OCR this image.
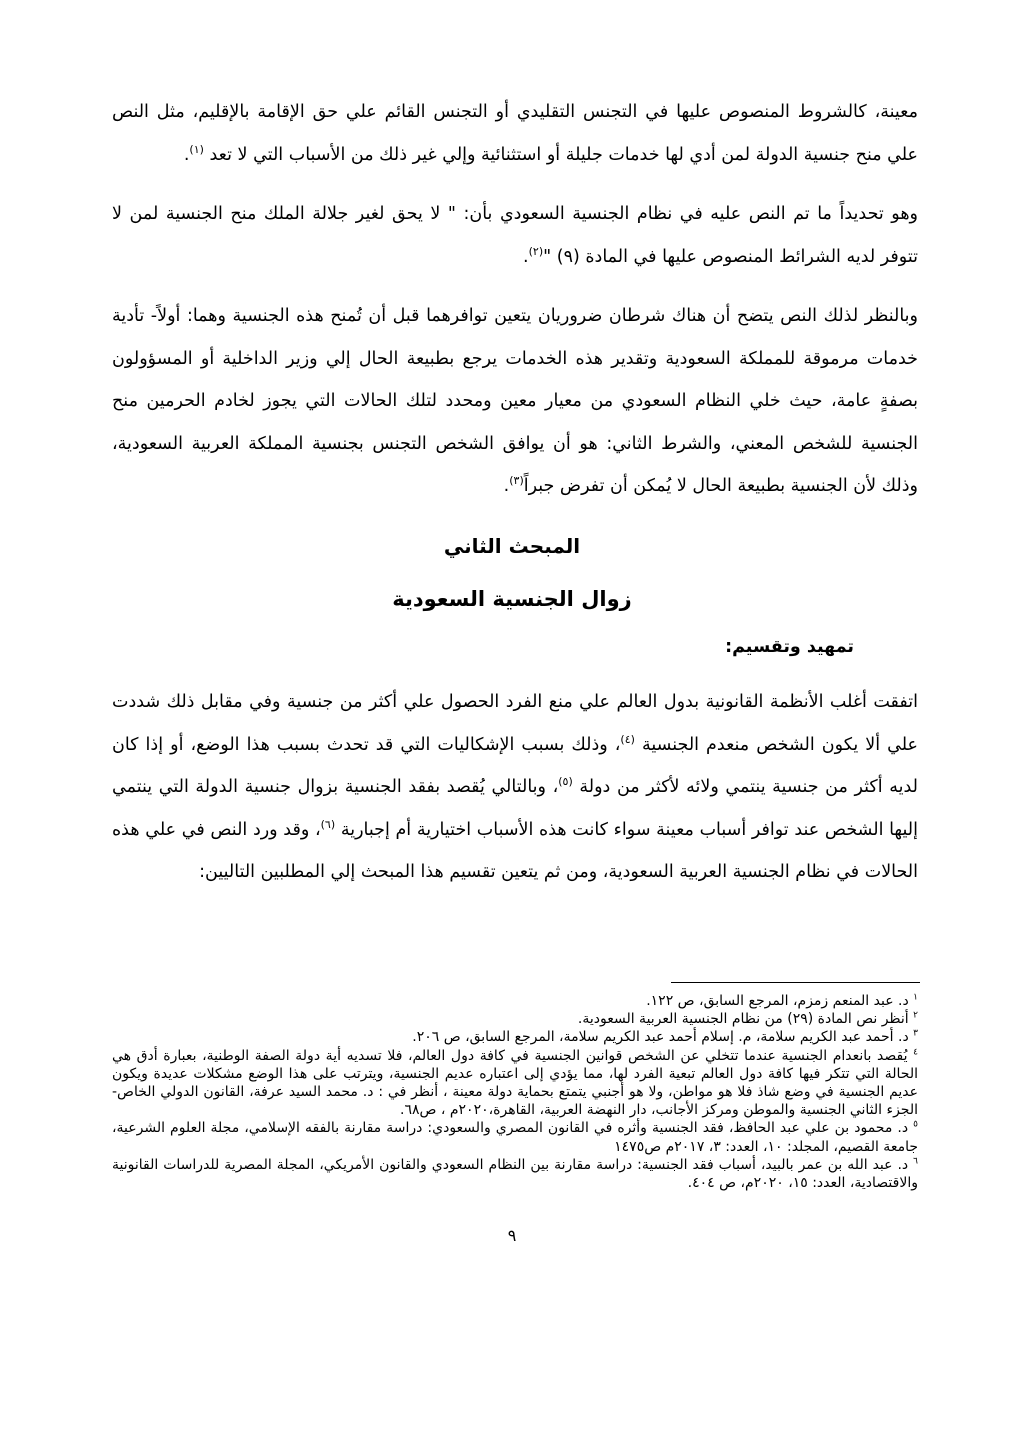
معينة، كالشروط المنصوص عليها في التجنس التقليدي أو التجنس القائم علي حق الإقامة بالإقليم، مثل النص علي منح جنسية الدولة لمن أدي لها خدمات جليلة أو استثنائية وإلي غير ذلك من الأسباب التي لا تعد $^{(١)}$.

وهو تحديداً ما تم النص عليه في نظام الجنسية السعودي بأن: " لا يحق لغير جلالة الملك منح الجنسية لمن لا تتوفر لديه الشرائط المنصوص عليها في المادة (٩) "$^{(٢)}$.

وبالنظر لذلك النص يتضح أن هناك شرطان ضروريان يتعين توافرهما قبل أن تُمنح هذه الجنسية وهما: أولاً- تأدية خدمات مرموقة للمملكة السعودية وتقدير هذه الخدمات يرجع بطبيعة الحال إلي وزير الداخلية أو المسؤولون بصفةٍ عامة، حيث خلي النظام السعودي من معيار معين ومحدد لتلك الحالات التي يجوز لخادم الحرمين منح الجنسية للشخص المعني، والشرط الثاني: هو أن يوافق الشخص التجنس بجنسية المملكة العربية السعودية، وذلك لأن الجنسية بطبيعة الحال لا يُمكن أن تفرض جبراً$^{(٣)}$.

المبحث الثاني
زوال الجنسية السعودية
تمهيد وتقسيم:

اتفقت أغلب الأنظمة القانونية بدول العالم علي منع الفرد الحصول علي أكثر من جنسية وفي مقابل ذلك شددت علي ألا يكون الشخص منعدم الجنسية $^{(٤)}$، وذلك بسبب الإشكاليات التي قد تحدث بسبب هذا الوضع، أو إذا كان لديه أكثر من جنسية ينتمي ولائه لأكثر من دولة $^{(٥)}$، وبالتالي يُقصد بفقد الجنسية بزوال جنسية الدولة التي ينتمي إليها الشخص عند توافر أسباب معينة سواء كانت هذه الأسباب اختيارية أم إجبارية $^{(٦)}$، وقد ورد النص في علي هذه الحالات في نظام الجنسية العربية السعودية، ومن ثم يتعين تقسيم هذا المبحث إلي المطلبين التاليين:

$^١$ د. عبد المنعم زمزم، المرجع السابق، ص ١٢٢.

$^٢$ أنظر نص المادة (٢٩) من نظام الجنسية العربية السعودية.

$^٣$ د. أحمد عبد الكريم سلامة، م. إسلام أحمد عبد الكريم سلامة، المرجع السابق، ص ٢٠٦.

$^٤$ يُقصد بانعدام الجنسية عندما تتخلي عن الشخص قوانين الجنسية في كافة دول العالم، فلا تسديه أية دولة الصفة الوطنية، بعبارة أدق هي الحالة التي تتكر فيها كافة دول العالم تبعية الفرد لها، مما يؤدي إلى اعتباره عديم الجنسية، ويترتب على هذا الوضع مشكلات عديدة ويكون عديم الجنسية في وضع شاذ فلا هو مواطن، ولا هو أجنبي يتمتع بحماية دولة معينة ، أنظر في : د. محمد السيد عرفة، القانون الدولي الخاص- الجزء الثاني الجنسية والموطن ومركز الأجانب، دار النهضة العربية، القاهرة،٢٠٢٠م ، ص٦٨.

$^٥$ د. محمود بن علي عبد الحافظ، فقد الجنسية وأثره في القانون المصري والسعودي: دراسة مقارنة بالفقه الإسلامي، مجلة العلوم الشرعية، جامعة القصيم، المجلد: ١٠، العدد: ٣، ٢٠١٧م ص١٤٧٥

$^٦$ د. عبد الله بن عمر بالبيد، أسباب فقد الجنسية: دراسة مقارنة بين النظام السعودي والقانون الأمريكي، المجلة المصرية للدراسات القانونية والاقتصادية، العدد: ١٥، ٢٠٢٠م، ص ٤٠٤.

٩
